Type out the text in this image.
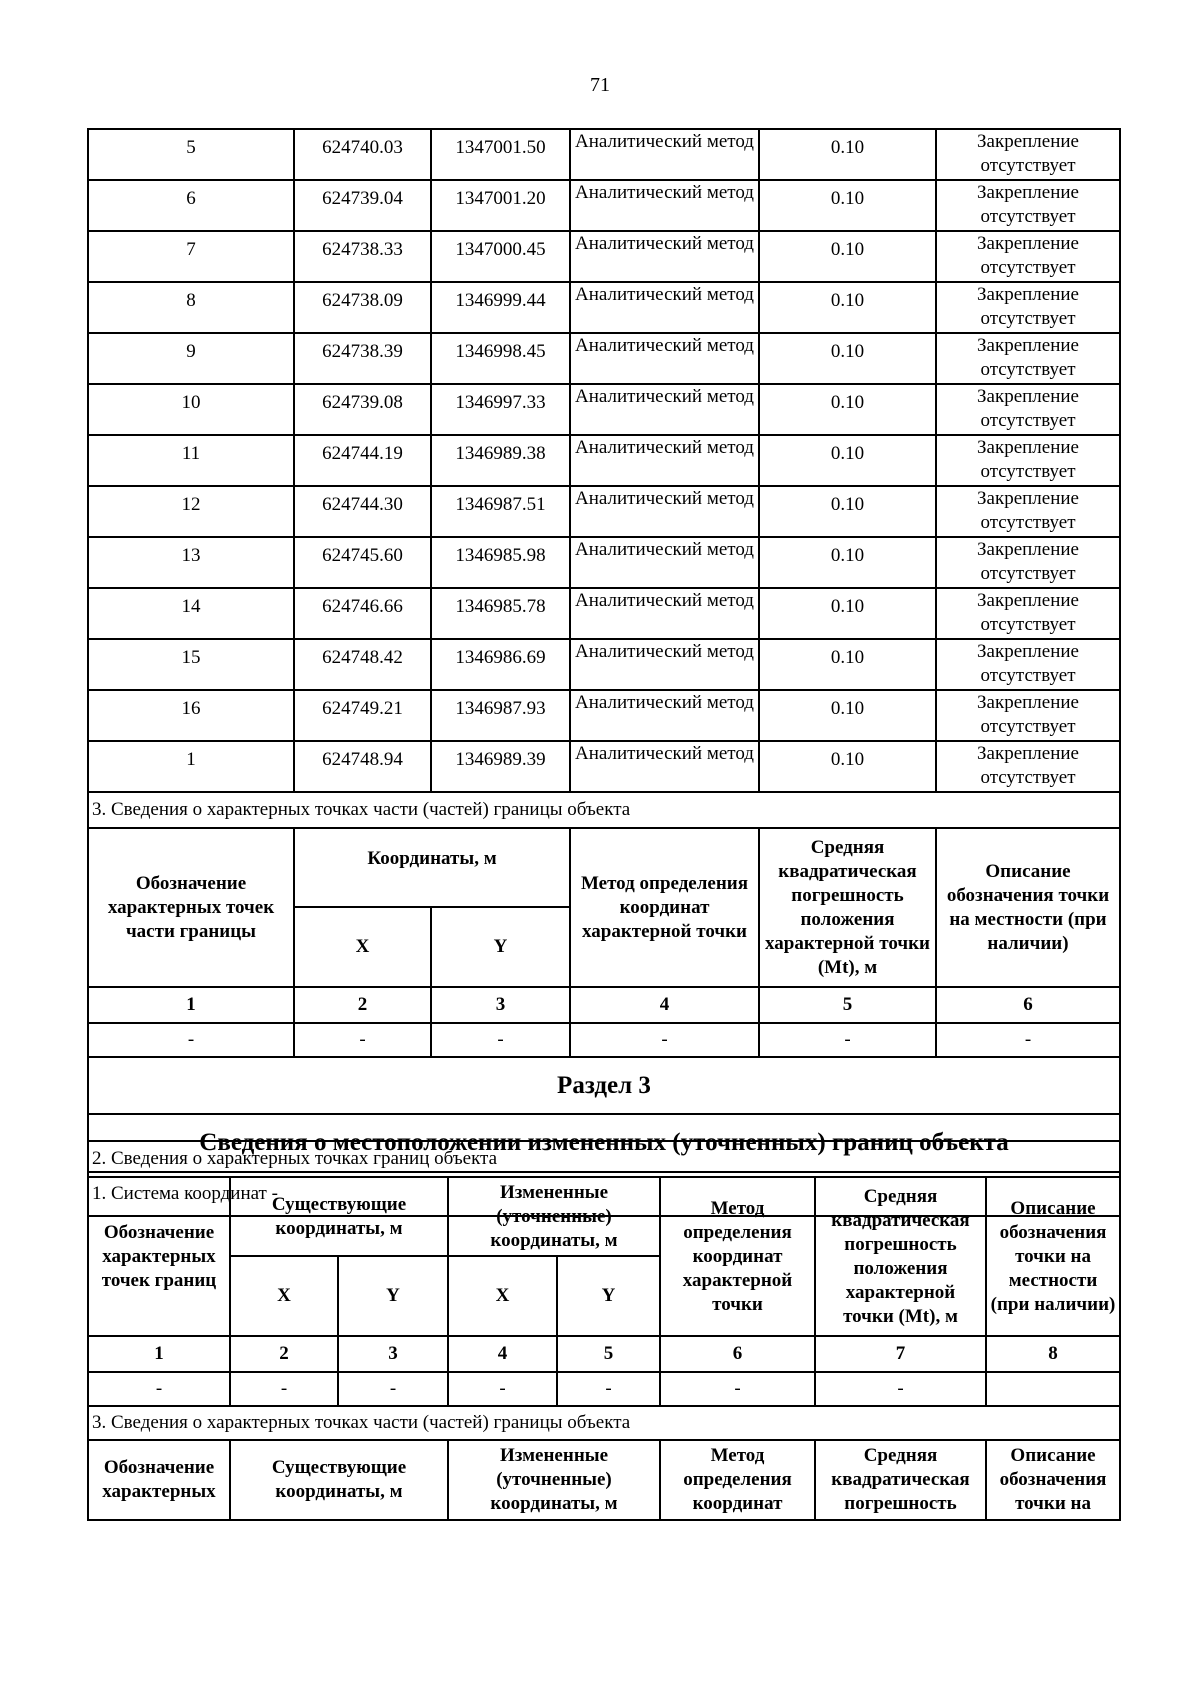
71
5	624740.03	1347001.50	Аналитический метод	0.10	Закрепление отсутствует
6	624739.04	1347001.20	Аналитический метод	0.10	Закрепление отсутствует
7	624738.33	1347000.45	Аналитический метод	0.10	Закрепление отсутствует
8	624738.09	1346999.44	Аналитический метод	0.10	Закрепление отсутствует
9	624738.39	1346998.45	Аналитический метод	0.10	Закрепление отсутствует
10	624739.08	1346997.33	Аналитический метод	0.10	Закрепление отсутствует
11	624744.19	1346989.38	Аналитический метод	0.10	Закрепление отсутствует
12	624744.30	1346987.51	Аналитический метод	0.10	Закрепление отсутствует
13	624745.60	1346985.98	Аналитический метод	0.10	Закрепление отсутствует
14	624746.66	1346985.78	Аналитический метод	0.10	Закрепление отсутствует
15	624748.42	1346986.69	Аналитический метод	0.10	Закрепление отсутствует
16	624749.21	1346987.93	Аналитический метод	0.10	Закрепление отсутствует
1	624748.94	1346989.39	Аналитический метод	0.10	Закрепление отсутствует
3. Сведения о характерных точках части (частей) границы объекта					
Обозначение характерных точек части границы	Координаты, м		Метод определения координат характерной точки	Средняя квадратическая погрешность положения характерной точки (Mt), м	Описание обозначения точки на местности (при наличии)
	X	Y			
1	2	3	4	5	6
-	-	-	-	-	-
Раздел 3					
Сведения о местоположении измененных (уточненных) границ объекта					
1. Система координат -					
2. Сведения о характерных точках границ объекта							
Обозначение характерных точек границ	Существующие координаты, м		Измененные (уточненные) координаты, м		Метод определения координат характерной точки	Средняя квадратическая погрешность положения характерной точки (Mt), м	Описание обозначения точки на местности (при наличии)
	X	Y	X	Y			
1	2	3	4	5	6	7	8
-	-	-	-	-	-	-	
3. Сведения о характерных точках части (частей) границы объекта							
Обозначение характерных	Существующие координаты, м		Измененные (уточненные) координаты, м		Метод определения координат	Средняя квадратическая погрешность	Описание обозначения точки на
